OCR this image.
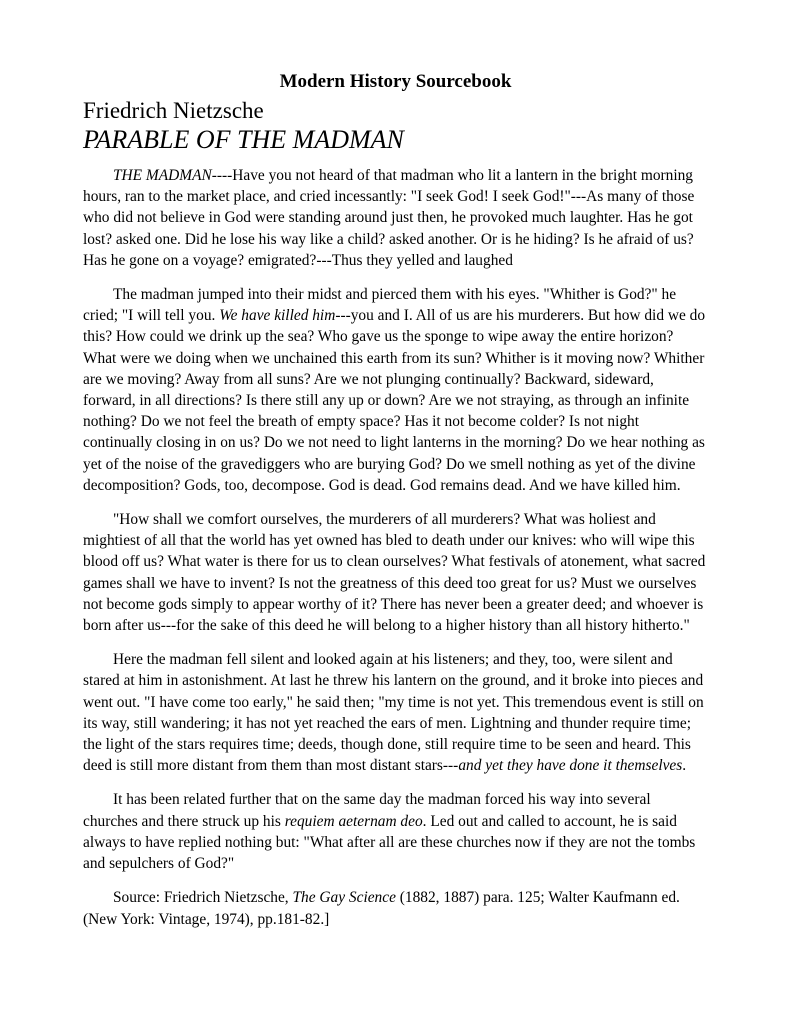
Modern History Sourcebook
Friedrich Nietzsche
PARABLE OF THE MADMAN

THE MADMAN----Have you not heard of that madman who lit a lantern in the bright morning hours, ran to the market place, and cried incessantly: "I seek God! I seek God!"---As many of those who did not believe in God were standing around just then, he provoked much laughter. Has he got lost? asked one. Did he lose his way like a child? asked another. Or is he hiding? Is he afraid of us? Has he gone on a voyage? emigrated?---Thus they yelled and laughed

The madman jumped into their midst and pierced them with his eyes. "Whither is God?" he cried; "I will tell you. We have killed him---you and I. All of us are his murderers. But how did we do this? How could we drink up the sea? Who gave us the sponge to wipe away the entire horizon? What were we doing when we unchained this earth from its sun? Whither is it moving now? Whither are we moving? Away from all suns? Are we not plunging continually? Backward, sideward, forward, in all directions? Is there still any up or down? Are we not straying, as through an infinite nothing? Do we not feel the breath of empty space? Has it not become colder? Is not night continually closing in on us? Do we not need to light lanterns in the morning? Do we hear nothing as yet of the noise of the gravediggers who are burying God? Do we smell nothing as yet of the divine decomposition? Gods, too, decompose. God is dead. God remains dead. And we have killed him.

"How shall we comfort ourselves, the murderers of all murderers? What was holiest and mightiest of all that the world has yet owned has bled to death under our knives: who will wipe this blood off us? What water is there for us to clean ourselves? What festivals of atonement, what sacred games shall we have to invent? Is not the greatness of this deed too great for us? Must we ourselves not become gods simply to appear worthy of it? There has never been a greater deed; and whoever is born after us---for the sake of this deed he will belong to a higher history than all history hitherto."

Here the madman fell silent and looked again at his listeners; and they, too, were silent and stared at him in astonishment. At last he threw his lantern on the ground, and it broke into pieces and went out. "I have come too early," he said then; "my time is not yet. This tremendous event is still on its way, still wandering; it has not yet reached the ears of men. Lightning and thunder require time; the light of the stars requires time; deeds, though done, still require time to be seen and heard. This deed is still more distant from them than most distant stars---and yet they have done it themselves.

It has been related further that on the same day the madman forced his way into several churches and there struck up his requiem aeternam deo. Led out and called to account, he is said always to have replied nothing but: "What after all are these churches now if they are not the tombs and sepulchers of God?"

Source: Friedrich Nietzsche, The Gay Science (1882, 1887) para. 125; Walter Kaufmann ed. (New York: Vintage, 1974), pp.181-82.]
